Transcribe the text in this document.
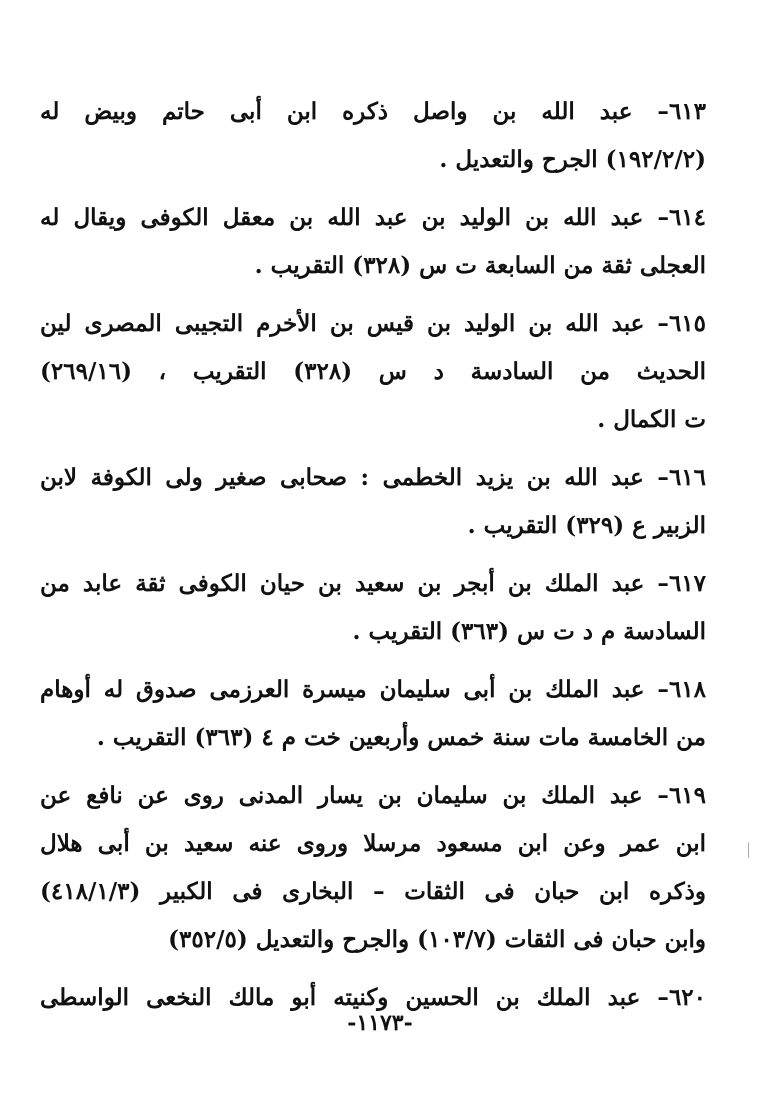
٦١٣– عبد الله بن واصل ذكره ابن أبى حاتم وبيض له
(١٩٢/٢/٢) الجرح والتعديل .
٦١٤– عبد الله بن الوليد بن عبد الله بن معقل الكوفى ويقال له
العجلى ثقة من السابعة ت س (٣٢٨) التقريب .
٦١٥– عبد الله بن الوليد بن قيس بن الأخرم التجيبى المصرى لين
الحديث من السادسة د س (٣٢٨) التقريب ، (٢٦٩/١٦)
ت الكمال .
٦١٦– عبد الله بن يزيد الخطمى : صحابى صغير ولى الكوفة لابن
الزبير ع (٣٢٩) التقريب .
٦١٧– عبد الملك بن أبجر بن سعيد بن حيان الكوفى ثقة عابد من
السادسة م د ت س (٣٦٣) التقريب .
٦١٨– عبد الملك بن أبى سليمان ميسرة العرزمى صدوق له أوهام
من الخامسة مات سنة خمس وأربعين خت م ٤ (٣٦٣) التقريب .
٦١٩– عبد الملك بن سليمان بن يسار المدنى روى عن نافع عن
ابن عمر وعن ابن مسعود مرسلا وروى عنه سعيد بن أبى هلال
وذكره ابن حبان فى الثقات – البخارى فى الكبير (٤١٨/١/٣)
وابن حبان فى الثقات (١٠٣/٧) والجرح والتعديل (٣٥٢/٥)
٦٢٠– عبد الملك بن الحسين وكنيته أبو مالك النخعى الواسطى
-١١٧٣-
